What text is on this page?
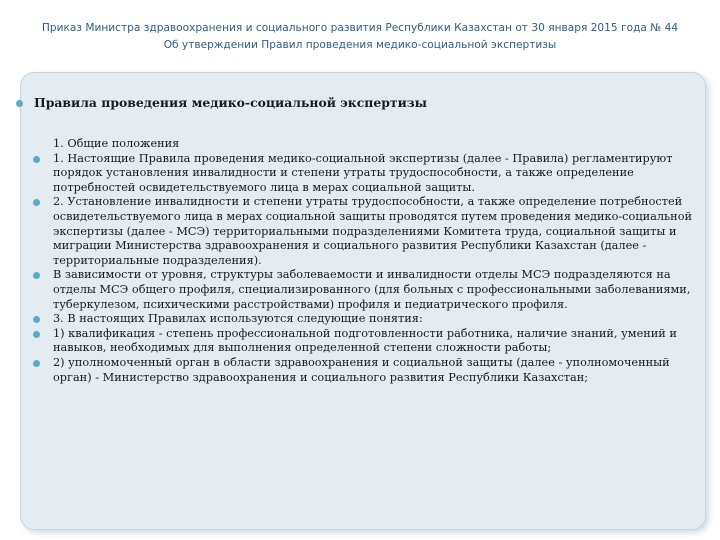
Приказ Министра здравоохранения и социального развития Республики Казахстан от 30 января 2015 года № 44
Об утверждении Правил проведения медико-социальной экспертизы
Правила проведения медико-социальной экспертизы
1. Общие положения
1. Настоящие Правила проведения медико-социальной экспертизы (далее - Правила) регламентируют порядок установления инвалидности и степени утраты трудоспособности, а также определение потребностей освидетельствуемого лица в мерах социальной защиты.
2. Установление инвалидности и степени утраты трудоспособности, а также определение потребностей освидетельствуемого лица в мерах социальной защиты проводятся путем проведения медико-социальной экспертизы (далее - МСЭ) территориальными подразделениями Комитета труда, социальной защиты и миграции Министерства здравоохранения и социального развития Республики Казахстан (далее - территориальные подразделения).
В зависимости от уровня, структуры заболеваемости и инвалидности отделы МСЭ подразделяются на отделы МСЭ общего профиля, специализированного (для больных с профессиональными заболеваниями, туберкулезом, психическими расстройствами) профиля и педиатрического профиля.
3. В настоящих Правилах используются следующие понятия:
1) квалификация - степень профессиональной подготовленности работника, наличие знаний, умений и навыков, необходимых для выполнения определенной степени сложности работы;
2) уполномоченный орган в области здравоохранения и социальной защиты (далее - уполномоченный орган) - Министерство здравоохранения и социального развития Республики Казахстан;
